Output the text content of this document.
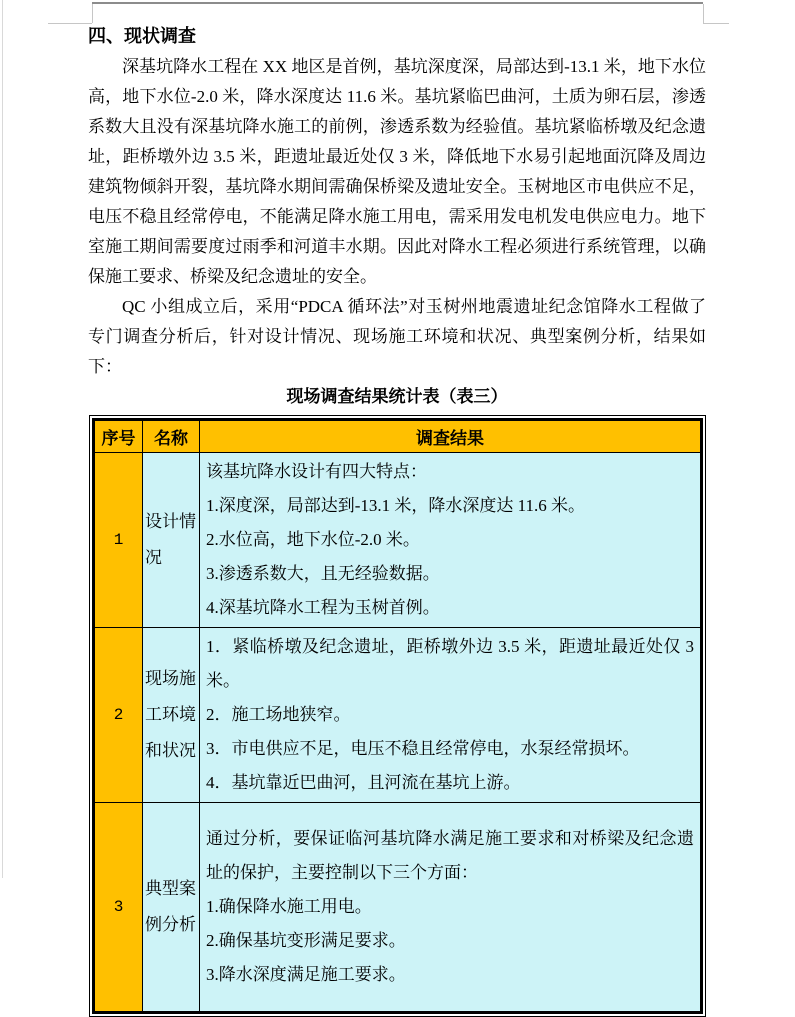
四、现状调查

深基坑降水工程在 XX 地区是首例，基坑深度深，局部达到-13.1 米，地下水位高，地下水位-2.0 米，降水深度达 11.6 米。基坑紧临巴曲河，土质为卵石层，渗透系数大且没有深基坑降水施工的前例，渗透系数为经验值。基坑紧临桥墩及纪念遗址，距桥墩外边 3.5 米，距遗址最近处仅 3 米，降低地下水易引起地面沉降及周边建筑物倾斜开裂，基坑降水期间需确保桥梁及遗址安全。玉树地区市电供应不足，电压不稳且经常停电，不能满足降水施工用电，需采用发电机发电供应电力。地下室施工期间需要度过雨季和河道丰水期。因此对降水工程必须进行系统管理，以确保施工要求、桥梁及纪念遗址的安全。

QC 小组成立后，采用“PDCA 循环法”对玉树州地震遗址纪念馆降水工程做了专门调查分析后，针对设计情况、现场施工环境和状况、典型案例分析，结果如下：

现场调查结果统计表（表三）

序号	名称	调查结果
1	设计情况	该基坑降水设计有四大特点：
1.深度深，局部达到-13.1 米，降水深度达 11.6 米。
2.水位高，地下水位-2.0 米。
3.渗透系数大，且无经验数据。
4.深基坑降水工程为玉树首例。

2	现场施工环境和状况	1．紧临桥墩及纪念遗址，距桥墩外边 3.5 米，距遗址最近处仅 3 米。
2．施工场地狭窄。
3．市电供应不足，电压不稳且经常停电，水泵经常损坏。
4．基坑靠近巴曲河，且河流在基坑上游。

3	典型案例分析	通过分析，要保证临河基坑降水满足施工要求和对桥梁及纪念遗址的保护，主要控制以下三个方面：
1.确保降水施工用电。
2.确保基坑变形满足要求。
3.降水深度满足施工要求。
